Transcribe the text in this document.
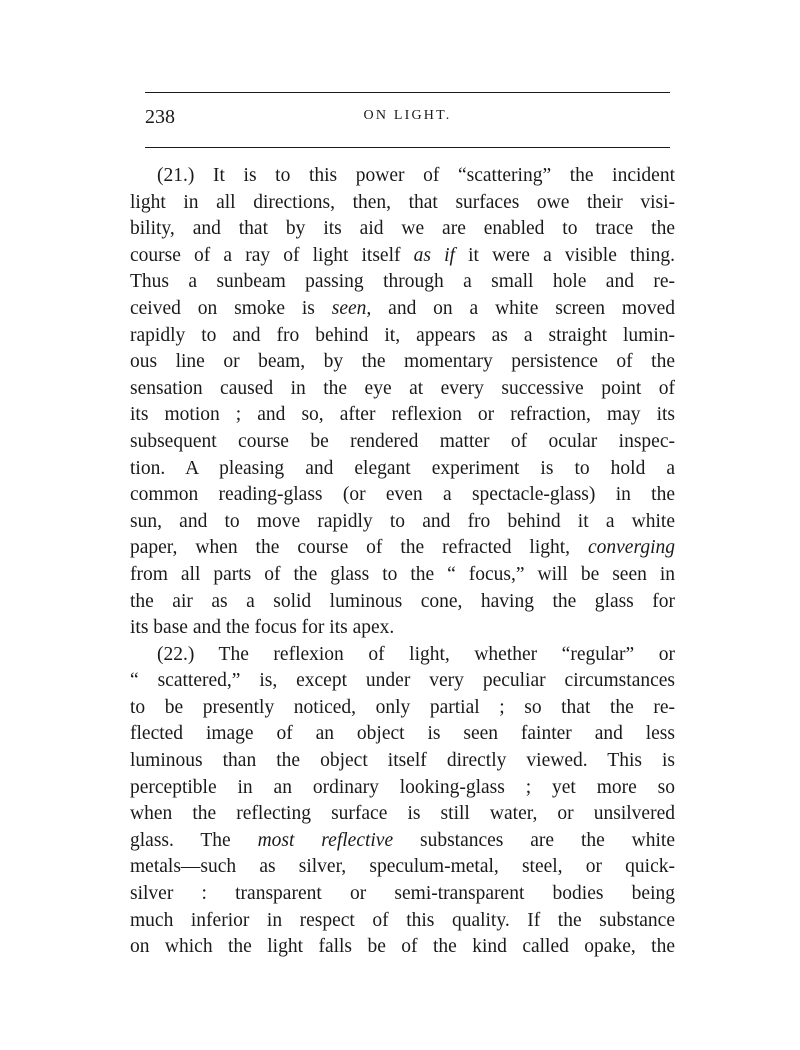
238	ON LIGHT.
(21.) It is to this power of “scattering” the incident
light in all directions, then, that surfaces owe their visi-
bility, and that by its aid we are enabled to trace the
course of a ray of light itself as if it were a visible thing.
Thus a sunbeam passing through a small hole and re-
ceived on smoke is seen, and on a white screen moved
rapidly to and fro behind it, appears as a straight lumin-
ous line or beam, by the momentary persistence of the
sensation caused in the eye at every successive point of
its motion ; and so, after reflexion or refraction, may its
subsequent course be rendered matter of ocular inspec-
tion. A pleasing and elegant experiment is to hold a
common reading-glass (or even a spectacle-glass) in the
sun, and to move rapidly to and fro behind it a white
paper, when the course of the refracted light, converging
from all parts of the glass to the “ focus,” will be seen in
the air as a solid luminous cone, having the glass for
its base and the focus for its apex.
(22.) The reflexion of light, whether “regular” or
“ scattered,” is, except under very peculiar circumstances
to be presently noticed, only partial ; so that the re-
flected image of an object is seen fainter and less
luminous than the object itself directly viewed. This is
perceptible in an ordinary looking-glass ; yet more so
when the reflecting surface is still water, or unsilvered
glass. The most reflective substances are the white
metals—such as silver, speculum-metal, steel, or quick-
silver : transparent or semi-transparent bodies being
much inferior in respect of this quality. If the substance
on which the light falls be of the kind called opake, the
